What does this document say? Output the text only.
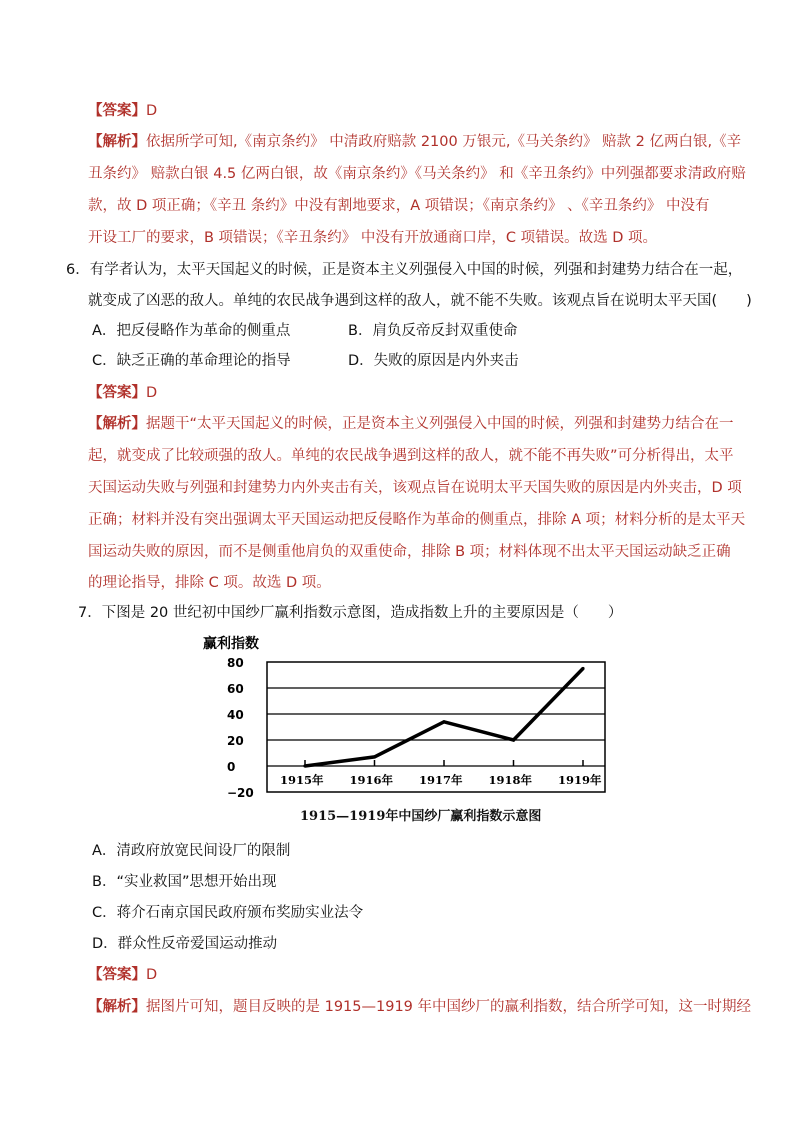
【答案】D
【解析】依据所学可知,《南京条约》 中清政府赔款 2100 万银元,《马关条约》 赔款 2 亿两白银,《辛
丑条约》 赔款白银 4.5 亿两白银，故《南京条约》《马关条约》 和《辛丑条约》中列强都要求清政府赔
款，故 D 项正确；《辛丑 条约》中没有割地要求，A 项错误；《南京条约》 、《辛丑条约》 中没有
开设工厂的要求，B 项错误；《辛丑条约》 中没有开放通商口岸，C 项错误。故选 D 项。
6．有学者认为，太平天国起义的时候，正是资本主义列强侵入中国的时候，列强和封建势力结合在一起，
就变成了凶恶的敌人。单纯的农民战争遇到这样的敌人，就不能不失败。该观点旨在说明太平天国(　　)
A．把反侵略作为革命的侧重点	B．肩负反帝反封双重使命
C．缺乏正确的革命理论的指导	D．失败的原因是内外夹击
【答案】D
【解析】据题干“太平天国起义的时候，正是资本主义列强侵入中国的时候，列强和封建势力结合在一
起，就变成了比较顽强的敌人。单纯的农民战争遇到这样的敌人，就不能不再失败”可分析得出，太平
天国运动失败与列强和封建势力内外夹击有关，该观点旨在说明太平天国失败的原因是内外夹击，D 项
正确；材料并没有突出强调太平天国运动把反侵略作为革命的侧重点，排除 A 项；材料分析的是太平天
国运动失败的原因，而不是侧重他肩负的双重使命，排除 B 项；材料体现不出太平天国运动缺乏正确
的理论指导，排除 C 项。故选 D 项。
7．下图是 20 世纪初中国纱厂赢利指数示意图，造成指数上升的主要原因是（　　）
赢利指数
80
60
40
20
0
−20
1915年 1916年 1917年 1918年 1919年
1915—1919年中国纱厂赢利指数示意图
A．清政府放宽民间设厂的限制
B．“实业救国”思想开始出现
C．蒋介石南京国民政府颁布奖励实业法令
D．群众性反帝爱国运动推动
【答案】D
【解析】据图片可知，题目反映的是 1915—1919 年中国纱厂的赢利指数，结合所学可知，这一时期经
